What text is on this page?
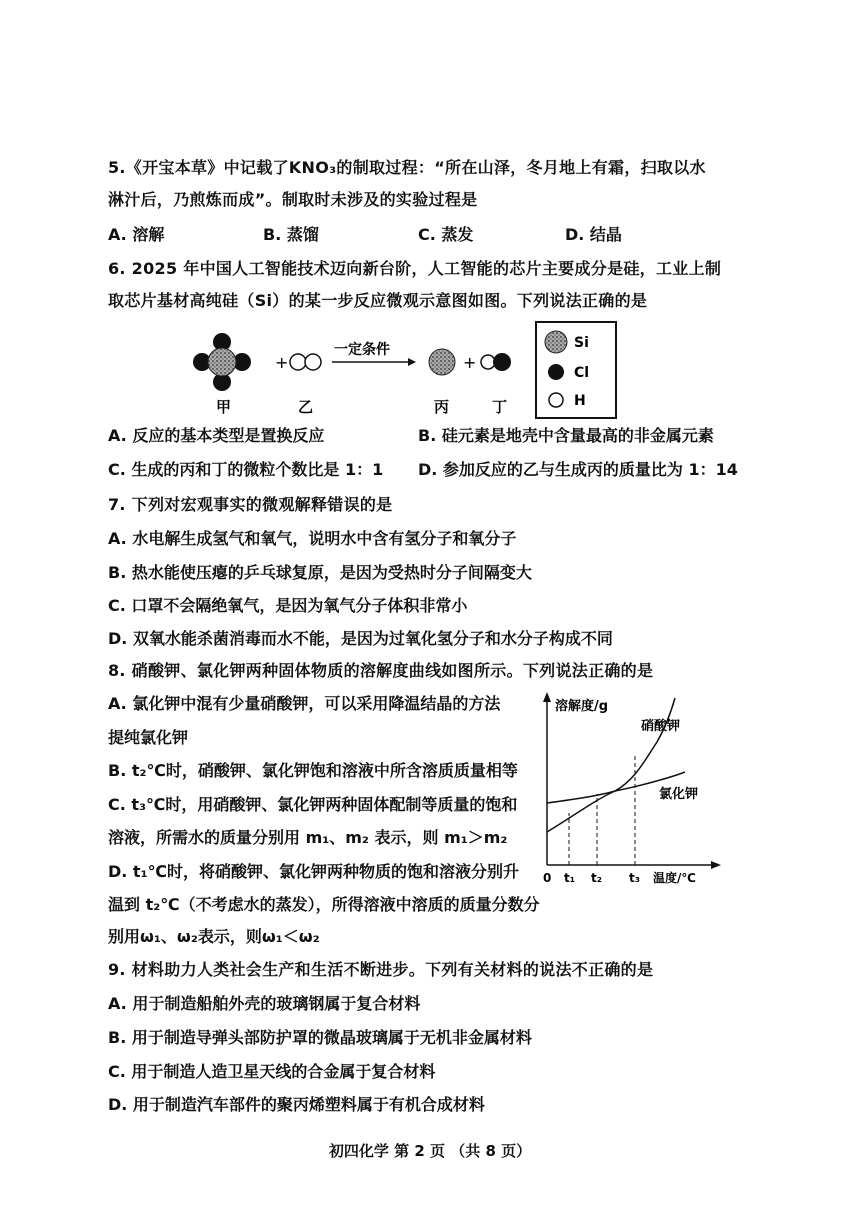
5.《开宝本草》中记载了KNO₃的制取过程：“所在山泽，冬月地上有霜，扫取以水
淋汁后，乃煎炼而成”。制取时未涉及的实验过程是
A. 溶解	B. 蒸馏	C. 蒸发	D. 结晶
6. 2025 年中国人工智能技术迈向新台阶，人工智能的芯片主要成分是硅，工业上制
取芯片基材高纯硅（Si）的某一步反应微观示意图如图。下列说法正确的是
+
一定条件
+
甲	乙	丙	丁
Si
Cl
H
A. 反应的基本类型是置换反应	B. 硅元素是地壳中含量最高的非金属元素
C. 生成的丙和丁的微粒个数比是 1：1 D. 参加反应的乙与生成丙的质量比为 1：14
7. 下列对宏观事实的微观解释错误的是
A. 水电解生成氢气和氧气，说明水中含有氢分子和氧分子
B. 热水能使压瘪的乒乓球复原，是因为受热时分子间隔变大
C. 口罩不会隔绝氧气，是因为氧气分子体积非常小
D. 双氧水能杀菌消毒而水不能，是因为过氧化氢分子和水分子构成不同
8. 硝酸钾、氯化钾两种固体物质的溶解度曲线如图所示。下列说法正确的是
A. 氯化钾中混有少量硝酸钾，可以采用降温结晶的方法
提纯氯化钾
B. t₂℃时，硝酸钾、氯化钾饱和溶液中所含溶质质量相等
C. t₃℃时，用硝酸钾、氯化钾两种固体配制等质量的饱和
溶液，所需水的质量分别用 m₁、m₂ 表示，则 m₁＞m₂
D. t₁℃时，将硝酸钾、氯化钾两种物质的饱和溶液分别升
温到 t₂℃（不考虑水的蒸发），所得溶液中溶质的质量分数分
别用ω₁、ω₂表示，则ω₁＜ω₂
溶解度/g
硝酸钾
氯化钾
0 t₁ t₂ t₃ 温度/℃
9. 材料助力人类社会生产和生活不断进步。下列有关材料的说法不正确的是
A. 用于制造船舶外壳的玻璃钢属于复合材料
B. 用于制造导弹头部防护罩的微晶玻璃属于无机非金属材料
C. 用于制造人造卫星天线的合金属于复合材料
D. 用于制造汽车部件的聚丙烯塑料属于有机合成材料
初四化学 第 2 页 （共 8 页）
